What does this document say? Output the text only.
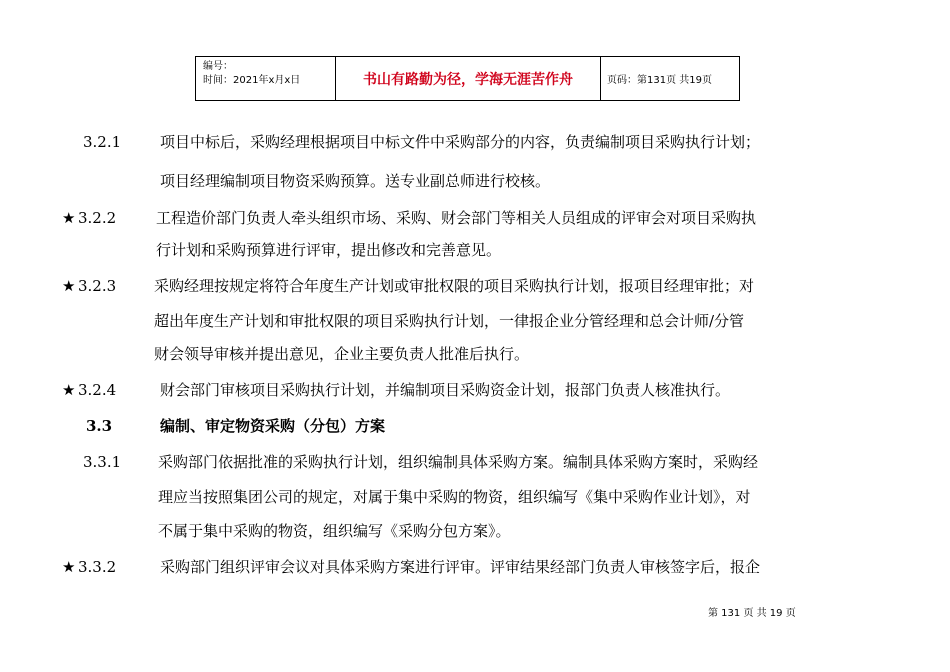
编号：
时间：2021年x月x日	书山有路勤为径，学海无涯苦作舟	页码：第131页 共19页
3.2.1	项目中标后，采购经理根据项目中标文件中采购部分的内容，负责编制项目采购执行计划；
项目经理编制项目物资采购预算。送专业副总师进行校核。
★ 3.2.2	工程造价部门负责人牵头组织市场、采购、财会部门等相关人员组成的评审会对项目采购执
行计划和采购预算进行评审，提出修改和完善意见。
★ 3.2.3	采购经理按规定将符合年度生产计划或审批权限的项目采购执行计划，报项目经理审批；对
超出年度生产计划和审批权限的项目采购执行计划，一律报企业分管经理和总会计师/分管
财会领导审核并提出意见，企业主要负责人批准后执行。
★ 3.2.4	财会部门审核项目采购执行计划，并编制项目采购资金计划，报部门负责人核准执行。
3.3	编制、审定物资采购（分包）方案
3.3.1 采购部门依据批准的采购执行计划，组织编制具体采购方案。编制具体采购方案时，采购经
理应当按照集团公司的规定，对属于集中采购的物资，组织编写《集中采购作业计划》，对
不属于集中采购的物资，组织编写《采购分包方案》。
★ 3.3.2	采购部门组织评审会议对具体采购方案进行评审。评审结果经部门负责人审核签字后，报企
第 131 页 共 19 页
